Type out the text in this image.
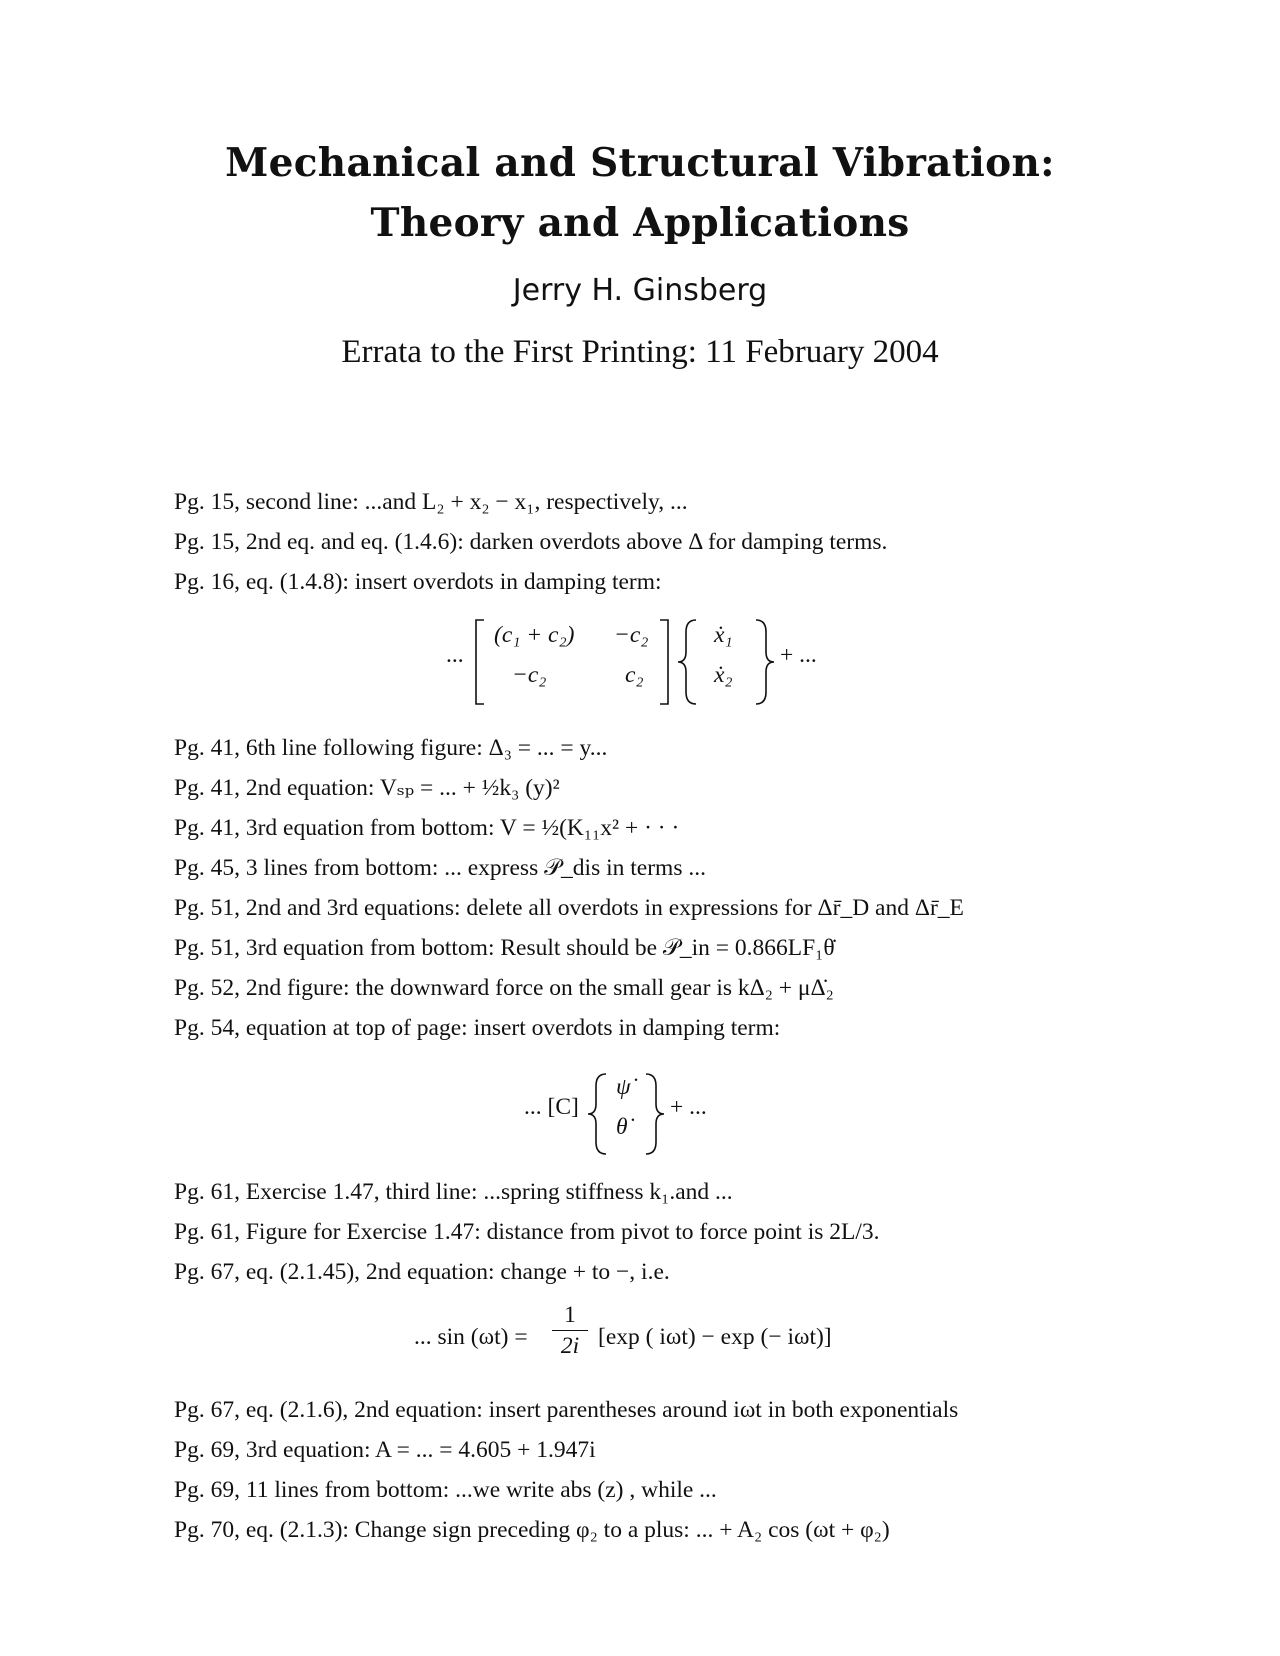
Mechanical and Structural Vibration:
Theory and Applications
Jerry H. Ginsberg
Errata to the First Printing: 11 February 2004
Pg. 15, second line: ...and L₂ + x₂ − x₁, respectively, ...
Pg. 15, 2nd eq. and eq. (1.4.6): darken overdots above Δ for damping terms.
Pg. 16, eq. (1.4.8): insert overdots in damping term:
...
(c₁ + c₂) −c₂
−c₂	c₂
ẋ₁
ẋ₂
+ ...
Pg. 41, 6th line following figure: Δ₃ = ... = y...
Pg. 41, 2nd equation: Vₛₚ = ... + ½k₃ (y)²
Pg. 41, 3rd equation from bottom: V = ½(K₁₁x² + · · ·
Pg. 45, 3 lines from bottom: ... express 𝒫_dis in terms ...
Pg. 51, 2nd and 3rd equations: delete all overdots in expressions for Δr̄_D and Δr̄_E
Pg. 51, 3rd equation from bottom: Result should be 𝒫_in = 0.866LF₁θ̇
Pg. 52, 2nd figure: the downward force on the small gear is kΔ₂ + μΔ̇₂
Pg. 54, equation at top of page: insert overdots in damping term:
... [C]
ψ̇
θ̇
+ ...
Pg. 61, Exercise 1.47, third line: ...spring stiffness k₁.and ...
Pg. 61, Figure for Exercise 1.47: distance from pivot to force point is 2L/3.
Pg. 67, eq. (2.1.45), 2nd equation: change + to −, i.e.
... sin (ωt) =
1
2i [exp ( iωt) − exp (− iωt)]
Pg. 67, eq. (2.1.6), 2nd equation: insert parentheses around iωt in both exponentials
Pg. 69, 3rd equation: A = ... = 4.605 + 1.947i
Pg. 69, 11 lines from bottom: ...we write abs (z) , while ...
Pg. 70, eq. (2.1.3): Change sign preceding φ₂ to a plus: ... + A₂ cos (ωt + φ₂)
